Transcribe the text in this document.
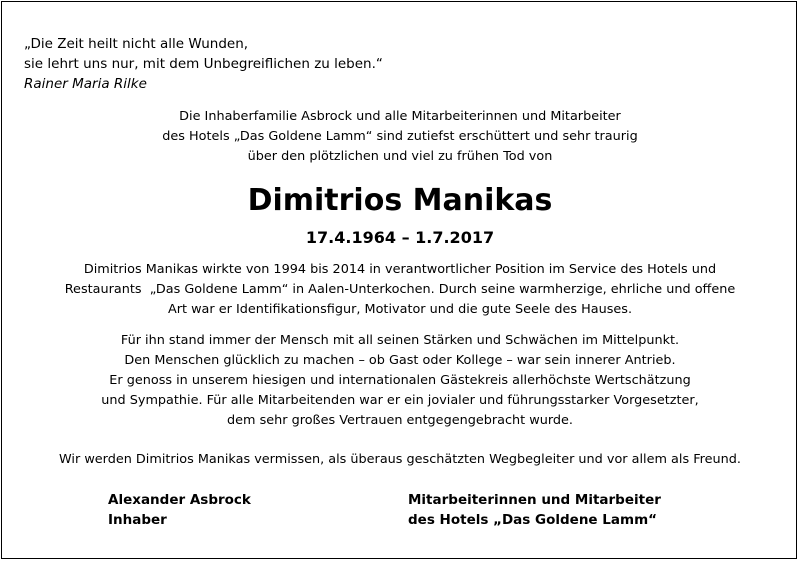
„Die Zeit heilt nicht alle Wunden,
sie lehrt uns nur, mit dem Unbegreiflichen zu leben.“
Rainer Maria Rilke
Die Inhaberfamilie Asbrock und alle Mitarbeiterinnen und Mitarbeiter
des Hotels „Das Goldene Lamm“ sind zutiefst erschüttert und sehr traurig
über den plötzlichen und viel zu frühen Tod von
Dimitrios Manikas
17.4.1964 – 1.7.2017
Dimitrios Manikas wirkte von 1994 bis 2014 in verantwortlicher Position im Service des Hotels und
Restaurants  „Das Goldene Lamm“ in Aalen-Unterkochen. Durch seine warmherzige, ehrliche und offene
Art war er Identifikationsfigur, Motivator und die gute Seele des Hauses.
Für ihn stand immer der Mensch mit all seinen Stärken und Schwächen im Mittelpunkt.
Den Menschen glücklich zu machen – ob Gast oder Kollege – war sein innerer Antrieb.
Er genoss in unserem hiesigen und internationalen Gästekreis allerhöchste Wertschätzung
und Sympathie. Für alle Mitarbeitenden war er ein jovialer und führungsstarker Vorgesetzter,
dem sehr großes Vertrauen entgegengebracht wurde.
Wir werden Dimitrios Manikas vermissen, als überaus geschätzten Wegbegleiter und vor allem als Freund.
Alexander Asbrock
Inhaber
Mitarbeiterinnen und Mitarbeiter
des Hotels „Das Goldene Lamm“
